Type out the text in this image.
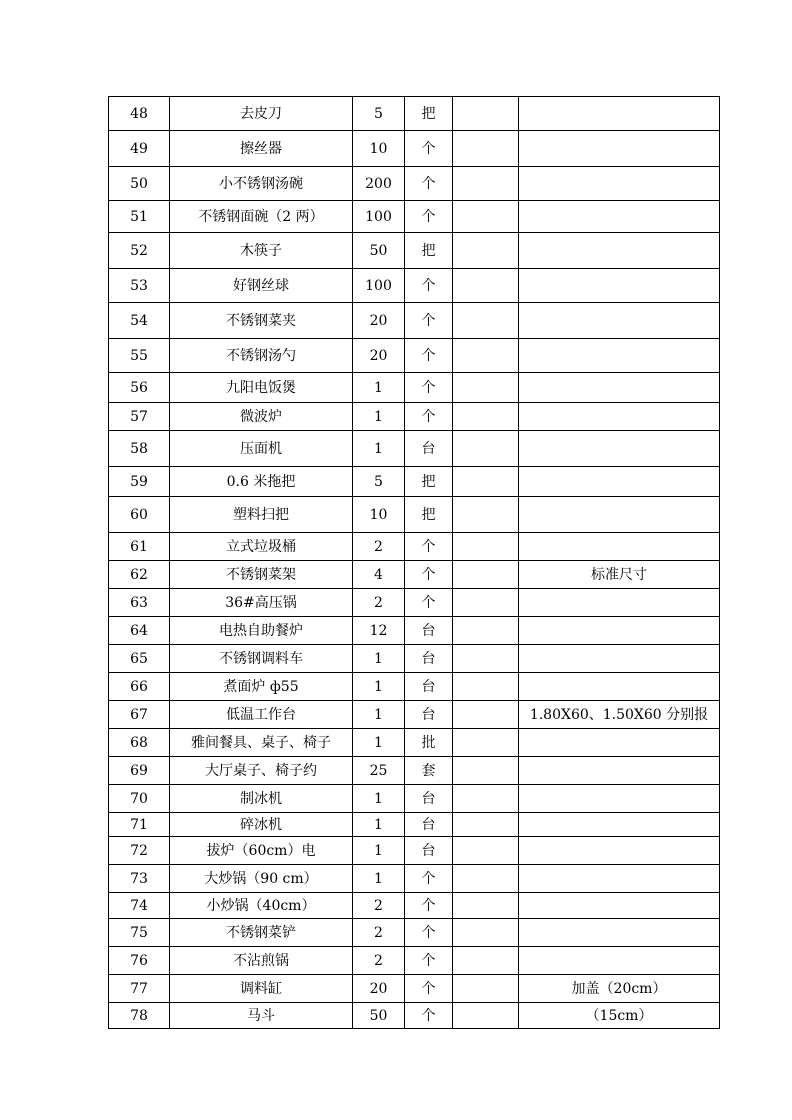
48	去皮刀	5	把		
49	擦丝器	10	个		
50	小不锈钢汤碗	200	个		
51	不锈钢面碗（2 两）	100	个		
52	木筷子	50	把		
53	好钢丝球	100	个		
54	不锈钢菜夹	20	个		
55	不锈钢汤勺	20	个		
56	九阳电饭煲	1	个		
57	微波炉	1	个		
58	压面机	1	台		
59	0.6 米拖把	5	把		
60	塑料扫把	10	把		
61	立式垃圾桶	2	个		
62	不锈钢菜架	4	个		标准尺寸
63	36#高压锅	2	个		
64	电热自助餐炉	12	台		
65	不锈钢调料车	1	台		
66	煮面炉 ф55	1	台		
67	低温工作台	1	台		1.80X60、1.50X60 分别报
68	雅间餐具、桌子、椅子	1	批		
69	大厅桌子、椅子约	25	套		
70	制冰机	1	台		
71	碎冰机	1	台		
72	拔炉（60cm）电	1	台		
73	大炒锅（90 cm）	1	个		
74	小炒锅（40cm）	2	个		
75	不锈钢菜铲	2	个		
76	不沾煎锅	2	个		
77	调料缸	20	个		加盖（20cm）
78	马斗	50	个		（15cm）
